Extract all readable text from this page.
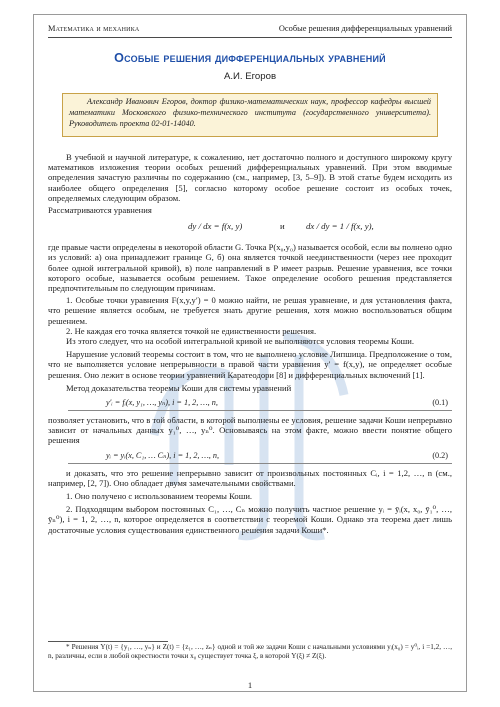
Математика и механика	Особые решения дифференциальных уравнений
Особые решения дифференциальных уравнений
А.И. Егоров
Александр Иванович Егоров, доктор физико-математических наук, профессор кафедры высшей математики Московского физико-технического института (государственного университета). Руководитель проекта 02-01-14040.

В учебной и научной литературе, к сожалению, нет достаточно полного и доступного широкому кругу математиков изложения теории особых решений дифференциальных уравнений. При этом вводимые определения зачастую различны по содержанию (см., например, [3, 5–9]). В этой статье будем исходить из наиболее общего определения [5], согласно которому особое решение состоит из особых точек, определяемых следующим образом.

Рассматриваются уравнения

dy / dx = f(x, y)	и dx / dy = 1 / f(x, y),

где правые части определены в некоторой области G. Точка P(x₀,y₀) называется особой, если вы полнено одно из условий: а) она принадлежит границе G, б) она является точкой неединственности (через нее проходит более одной интегральной кривой), в) поле направлений в P имеет разрыв. Решение уравнения, все точки которого особые, называется особым решением. Такое определение особого решения представляется предпочтительным по следующим причинам.

1. Особые точки уравнения F(x,y,y′) = 0 можно найти, не решая уравнение, и для установления факта, что решение является особым, не требуется знать другие решения, хотя можно воспользоваться общим решением.

2. Не каждая его точка является точкой не единственности решения.

Из этого следует, что на особой интегральной кривой не выполняются условия теоремы Коши.

Нарушение условий теоремы состоит в том, что не выполнено условие Липшица. Предположение о том, что не выполняется условие непрерывности в правой части уравнения y′ = f(x,y), не определяет особые решения. Оно лежит в основе теории уравнений Каратеодори [8] и дифференциальных включений [1].

Метод доказательства теоремы Коши для системы уравнений

y′ᵢ = fᵢ(x, y₁, …, yₙ), i = 1, 2, …, n,	(0.1)

позволяет установить, что в той области, в которой выполнены ее условия, решение задачи Коши непрерывно зависит от начальных данных y₁⁰, …, yₙ⁰. Основываясь на этом факте, можно ввести понятие общего решения

yᵢ = yᵢ(x, C₁, … Cₙ), i = 1, 2, …, n,	(0.2)

и доказать, что это решение непрерывно зависит от произвольных постоянных Cᵢ, i = 1,2, …, n (см., например, [2, 7]). Оно обладает двумя замечательными свойствами.

1. Оно получено с использованием теоремы Коши.

2. Подходящим выбором постоянных C₁, …, Cₙ можно получить частное решение yᵢ = ȳᵢ(x, x₀, ȳ₁⁰, …, ȳₙ⁰), i = 1, 2, …, n, которое определяется в соответствии с теоремой Коши. Однако эта теорема дает лишь достаточные условия существования единственного решения задачи Коши*.

* Решения Y(t) = {y₁, …, yₙ} и Z(t) = {z₁, …, zₙ} одной и той же задачи Коши с начальными условиями yᵢ(x₀) = y⁰ᵢ, i =1,2, …, n, различны, если в любой окрестности точки x₀ существует точка ξ, в которой Y(ξ) ≠ Z(ξ).
1
